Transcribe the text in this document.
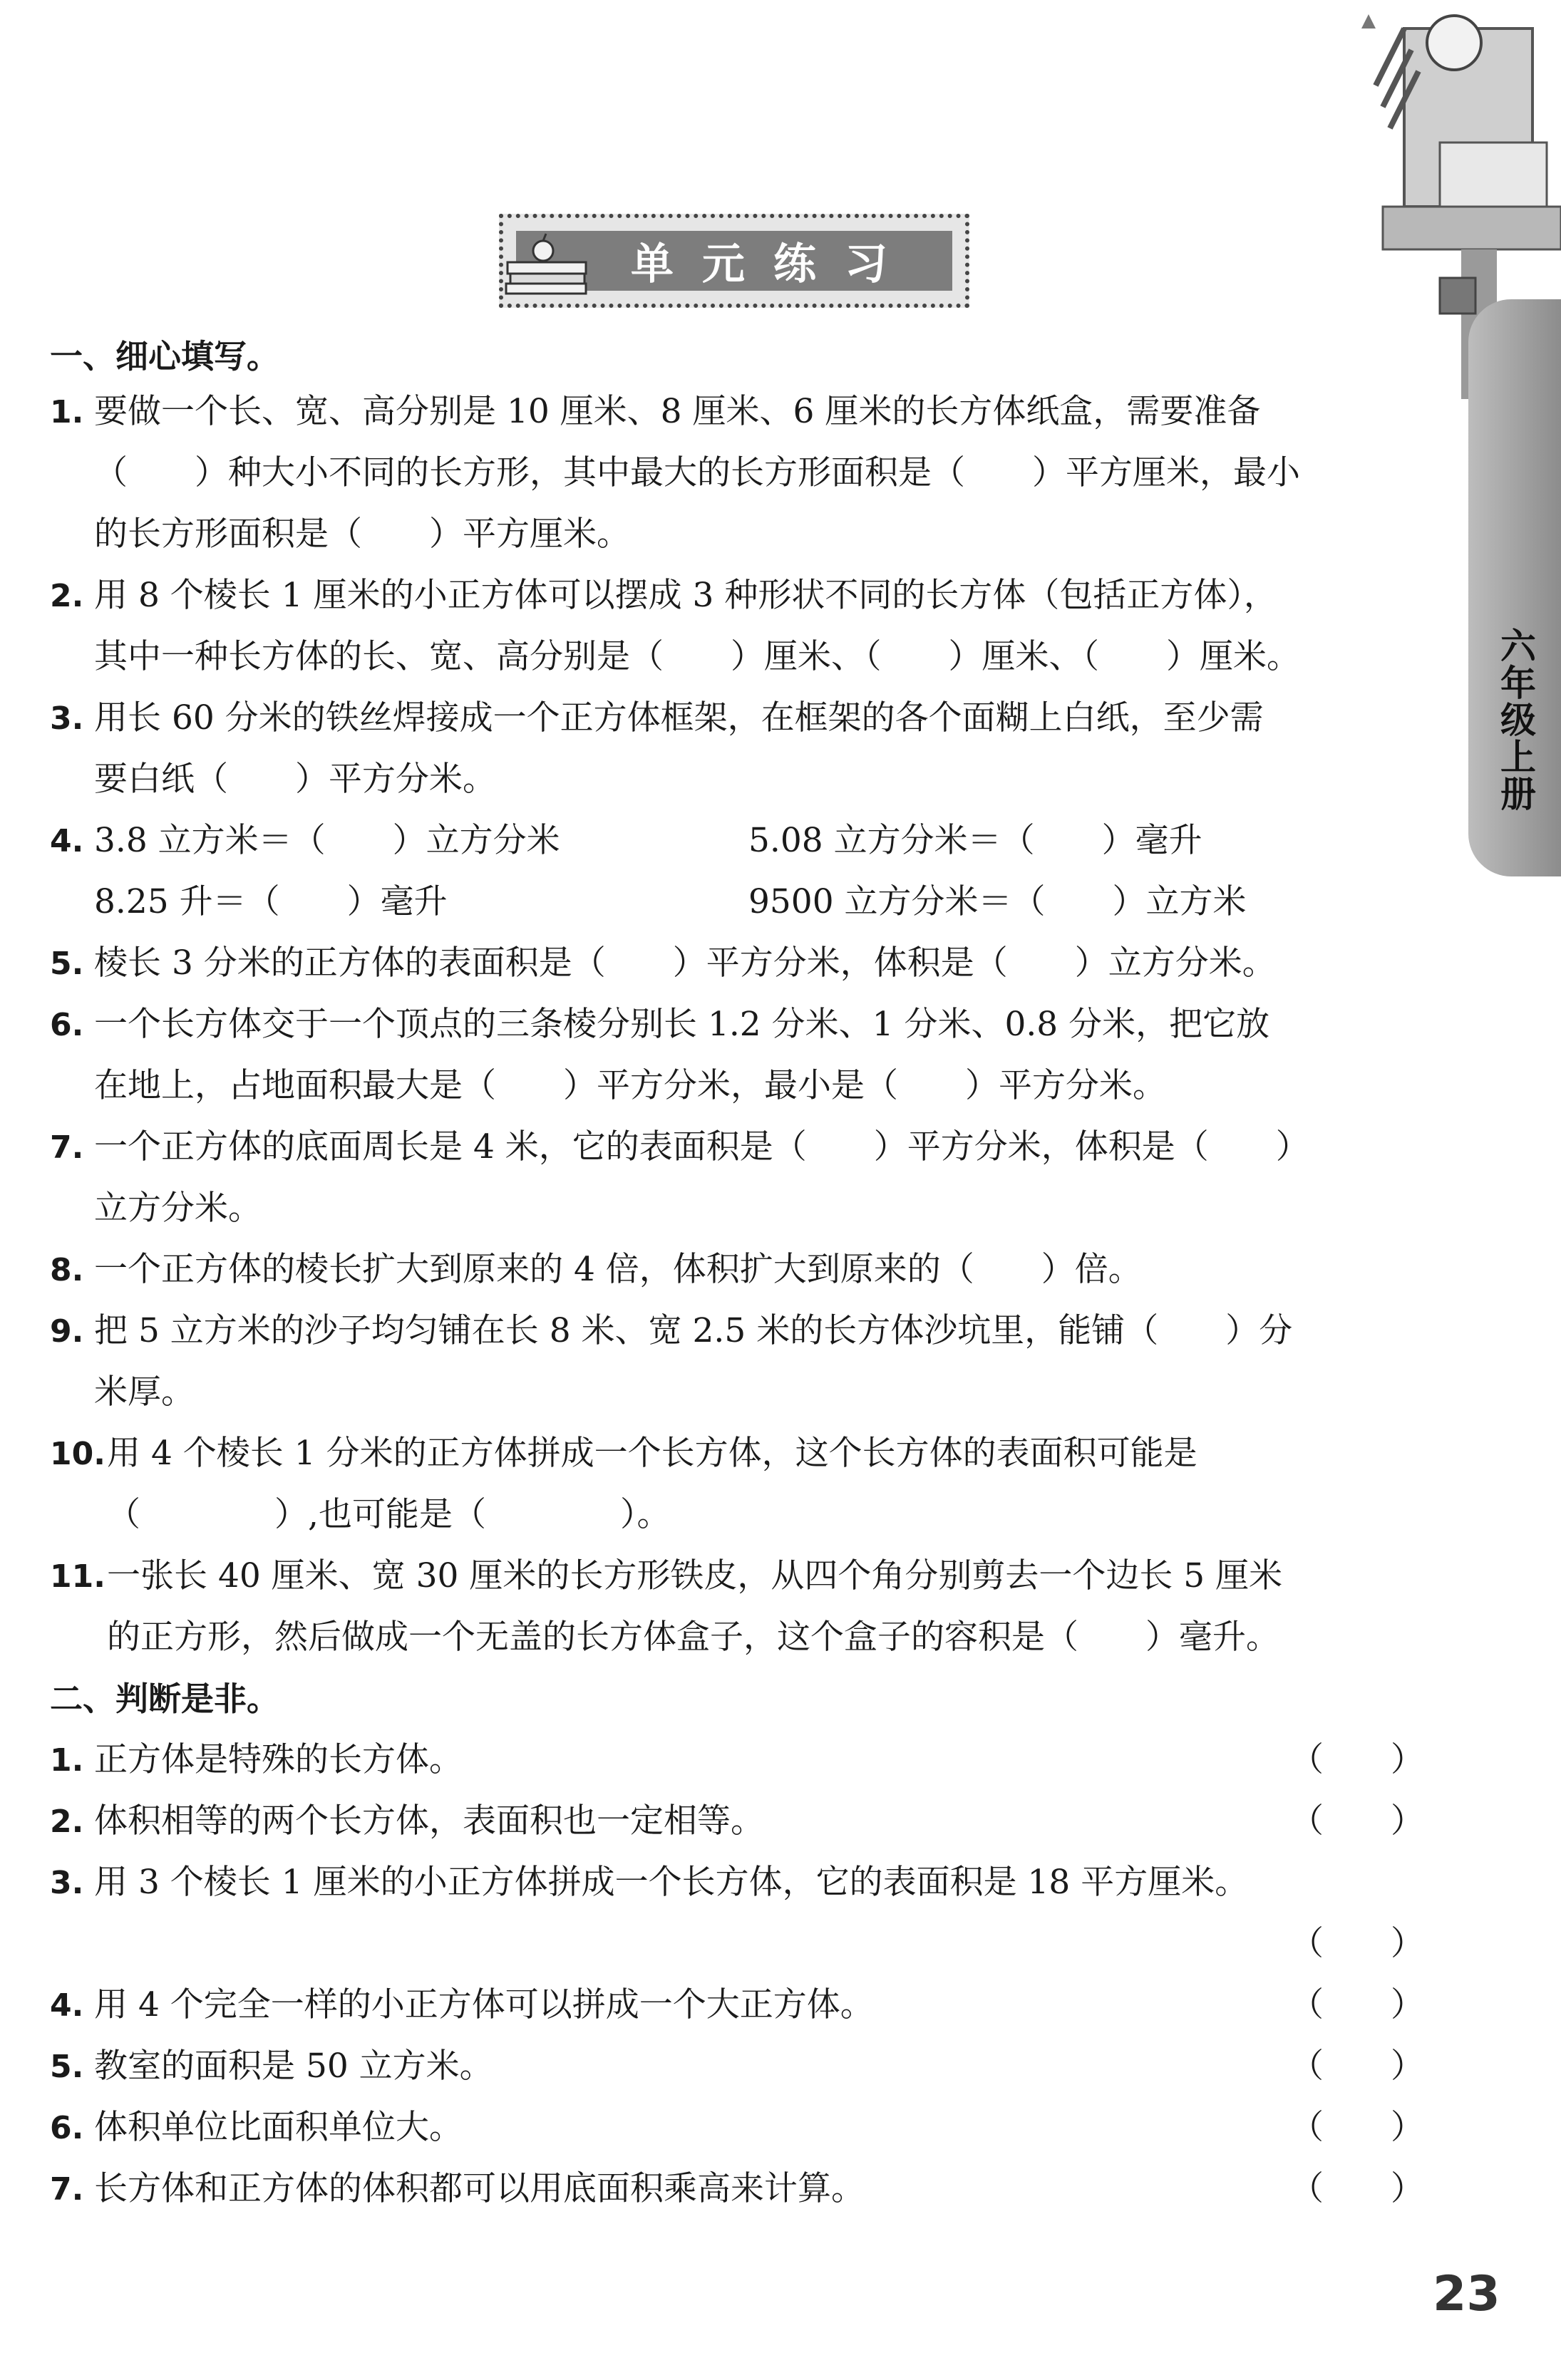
六年级上册
单元练习
一、细心填写。
1. 要做一个长、宽、高分别是 10 厘米、8 厘米、6 厘米的长方体纸盒，需要准备
（　　）种大小不同的长方形，其中最大的长方形面积是（　　）平方厘米，最小
的长方形面积是（　　）平方厘米。
2. 用 8 个棱长 1 厘米的小正方体可以摆成 3 种形状不同的长方体（包括正方体），
其中一种长方体的长、宽、高分别是（　　）厘米、（　　）厘米、（　　）厘米。
3. 用长 60 分米的铁丝焊接成一个正方体框架，在框架的各个面糊上白纸，至少需
要白纸（　　）平方分米。
4. 3.8 立方米＝（　　）立方分米	5.08 立方分米＝（　　）毫升
8.25 升＝（　　）毫升	9500 立方分米＝（　　）立方米
5. 棱长 3 分米的正方体的表面积是（　　）平方分米，体积是（　　）立方分米。
6. 一个长方体交于一个顶点的三条棱分别长 1.2 分米、1 分米、0.8 分米，把它放
在地上，占地面积最大是（　　）平方分米，最小是（　　）平方分米。
7. 一个正方体的底面周长是 4 米，它的表面积是（　　）平方分米，体积是（　　）
立方分米。
8. 一个正方体的棱长扩大到原来的 4 倍，体积扩大到原来的（　　）倍。
9. 把 5 立方米的沙子均匀铺在长 8 米、宽 2.5 米的长方体沙坑里，能铺（　　）分
米厚。
10.用 4 个棱长 1 分米的正方体拼成一个长方体，这个长方体的表面积可能是
（　　　　）,也可能是（　　　　）。
11.一张长 40 厘米、宽 30 厘米的长方形铁皮，从四个角分别剪去一个边长 5 厘米
的正方形，然后做成一个无盖的长方体盒子，这个盒子的容积是（　　）毫升。
二、判断是非。
1. 正方体是特殊的长方体。	（　　）
2. 体积相等的两个长方体，表面积也一定相等。	（　　）
3. 用 3 个棱长 1 厘米的小正方体拼成一个长方体，它的表面积是 18 平方厘米。
（　　）
4. 用 4 个完全一样的小正方体可以拼成一个大正方体。	（　　）
5. 教室的面积是 50 立方米。	（　　）
6. 体积单位比面积单位大。	（　　）
7. 长方体和正方体的体积都可以用底面积乘高来计算。	（　　）
23
